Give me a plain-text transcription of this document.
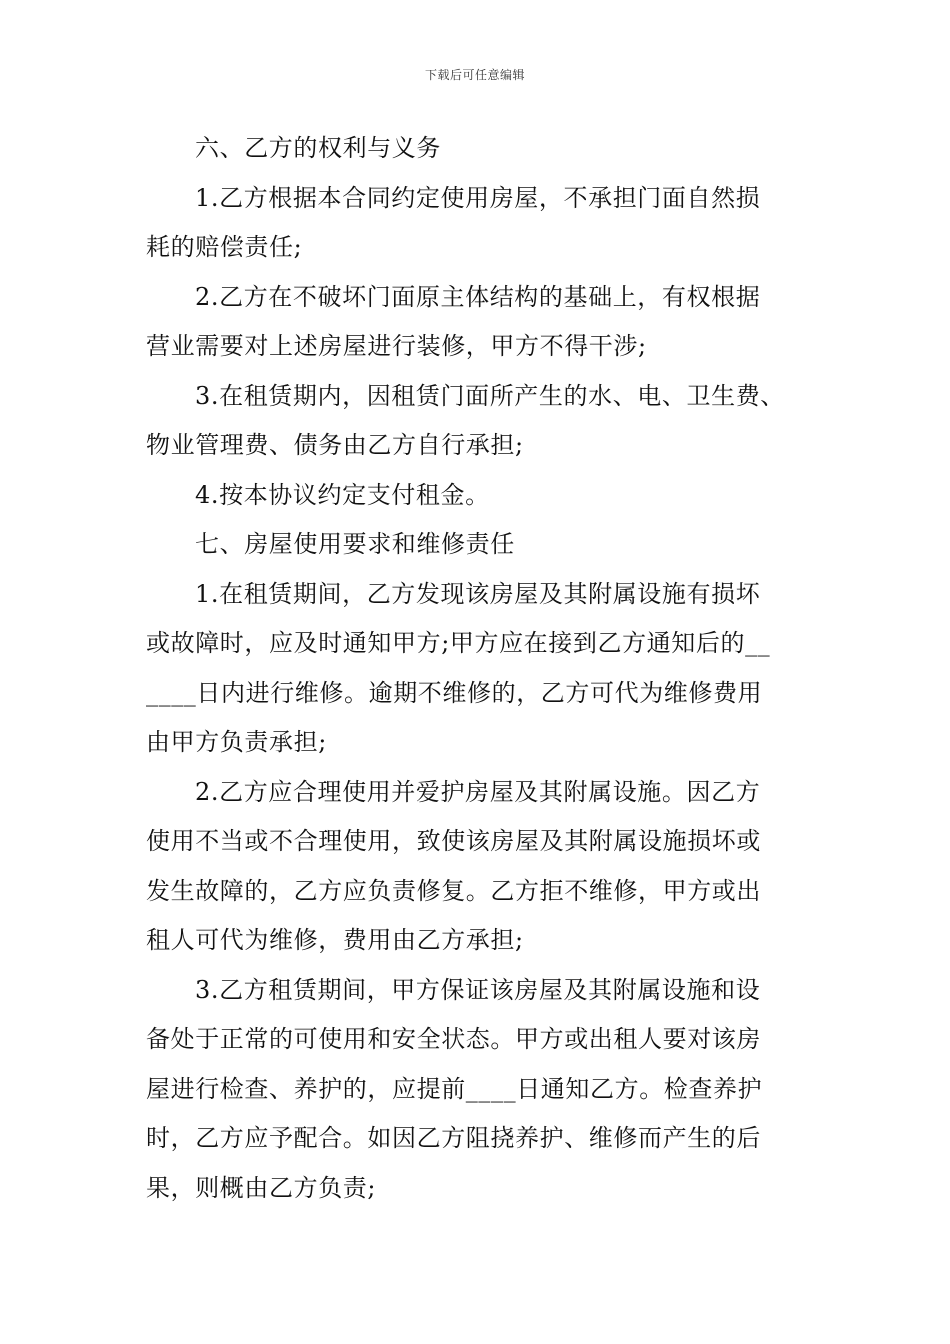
下载后可任意编辑
六、乙方的权利与义务
1.乙方根据本合同约定使用房屋，不承担门面自然损
耗的赔偿责任;
2.乙方在不破坏门面原主体结构的基础上，有权根据
营业需要对上述房屋进行装修，甲方不得干涉;
3.在租赁期内，因租赁门面所产生的水、电、卫生费、
物业管理费、债务由乙方自行承担;
4.按本协议约定支付租金。
七、房屋使用要求和维修责任
1.在租赁期间，乙方发现该房屋及其附属设施有损坏
或故障时，应及时通知甲方;甲方应在接到乙方通知后的__
____日内进行维修。逾期不维修的，乙方可代为维修费用
由甲方负责承担;
2.乙方应合理使用并爱护房屋及其附属设施。因乙方
使用不当或不合理使用，致使该房屋及其附属设施损坏或
发生故障的，乙方应负责修复。乙方拒不维修，甲方或出
租人可代为维修，费用由乙方承担;
3.乙方租赁期间，甲方保证该房屋及其附属设施和设
备处于正常的可使用和安全状态。甲方或出租人要对该房
屋进行检查、养护的，应提前____日通知乙方。检查养护
时，乙方应予配合。如因乙方阻挠养护、维修而产生的后
果，则概由乙方负责;
